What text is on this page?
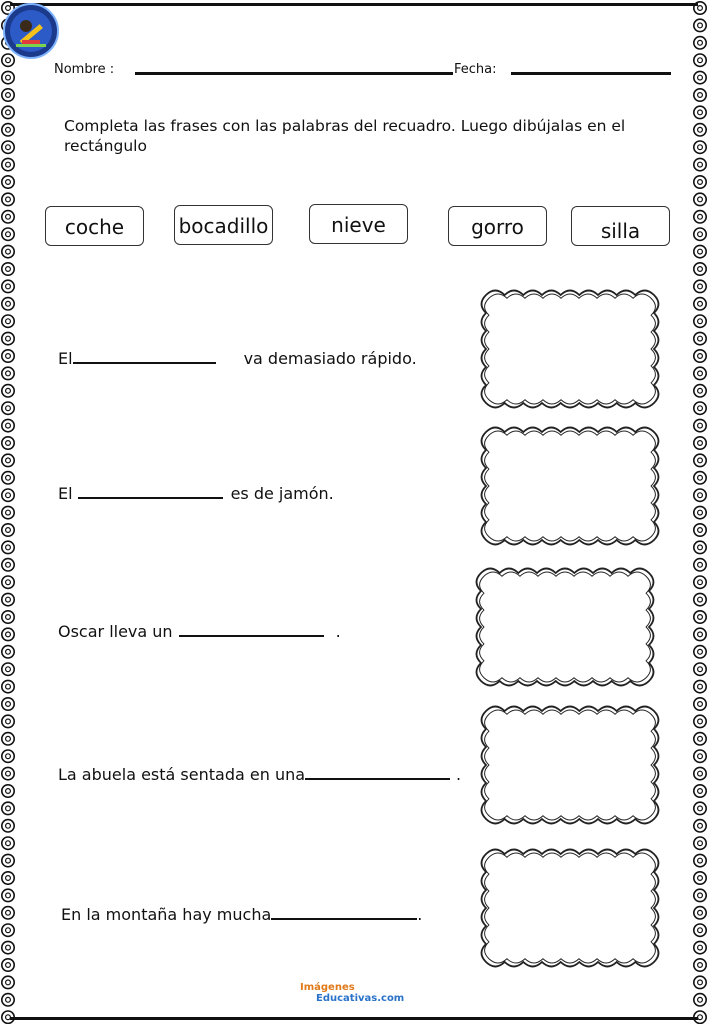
Nombre :	Fecha:
Completa las frases con las palabras del recuadro. Luego dibújalas en el rectángulo
coche	bocadillo	nieve	gorro	silla
El	va demasiado rápido.
El	es de jamón.
Oscar lleva un	.
La abuela está sentada en una	.
En la montaña hay mucha	.
Imágenes
Educativas.com
